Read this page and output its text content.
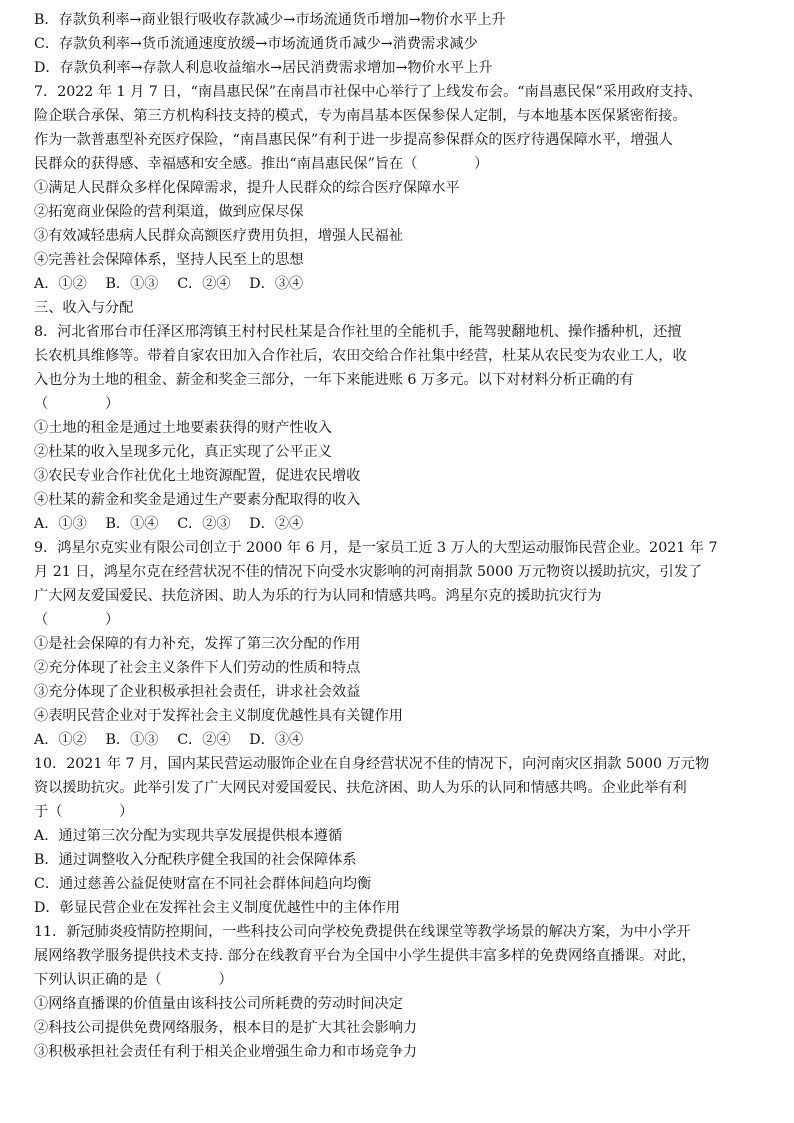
B．存款负利率→商业银行吸收存款减少→市场流通货币增加→物价水平上升
C．存款负利率→货币流通速度放缓→市场流通货币减少→消费需求减少
D．存款负利率→存款人利息收益缩水→居民消费需求增加→物价水平上升
7．2022 年 1 月 7 日，“南昌惠民保”在南昌市社保中心举行了上线发布会。“南昌惠民保”采用政府支持、
险企联合承保、第三方机构科技支持的模式，专为南昌基本医保参保人定制，与本地基本医保紧密衔接。
作为一款普惠型补充医疗保险，“南昌惠民保”有利于进一步提高参保群众的医疗待遇保障水平，增强人
民群众的获得感、幸福感和安全感。推出“南昌惠民保”旨在（　　　　）
①满足人民群众多样化保障需求，提升人民群众的综合医疗保障水平
②拓宽商业保险的营利渠道，做到应保尽保
③有效减轻患病人民群众高额医疗费用负担，增强人民福祉
④完善社会保障体系，坚持人民至上的思想
A．①②　 B．①③　 C．②④　 D．③④
三、收入与分配
8．河北省邢台市任泽区邢湾镇王村村民杜某是合作社里的全能机手，能驾驶翻地机、操作播种机，还擅
长农机具维修等。带着自家农田加入合作社后，农田交给合作社集中经营，杜某从农民变为农业工人，收
入也分为土地的租金、薪金和奖金三部分，一年下来能进账 6 万多元。以下对材料分析正确的有
（　　　　）
①土地的租金是通过土地要素获得的财产性收入
②杜某的收入呈现多元化，真正实现了公平正义
③农民专业合作社优化土地资源配置，促进农民增收
④杜某的薪金和奖金是通过生产要素分配取得的收入
A．①③　 B．①④　 C．②③　 D．②④
9．鸿星尔克实业有限公司创立于 2000 年 6 月，是一家员工近 3 万人的大型运动服饰民营企业。2021 年 7
月 21 日，鸿星尔克在经营状况不佳的情况下向受水灾影响的河南捐款 5000 万元物资以援助抗灾，引发了
广大网友爱国爱民、扶危济困、助人为乐的行为认同和情感共鸣。鸿星尔克的援助抗灾行为
（　　　　）
①是社会保障的有力补充，发挥了第三次分配的作用
②充分体现了社会主义条件下人们劳动的性质和特点
③充分体现了企业积极承担社会责任，讲求社会效益
④表明民营企业对于发挥社会主义制度优越性具有关键作用
A．①②　 B．①③　 C．②④　 D．③④
10．2021 年 7 月，国内某民营运动服饰企业在自身经营状况不佳的情况下，向河南灾区捐款 5000 万元物
资以援助抗灾。此举引发了广大网民对爱国爱民、扶危济困、助人为乐的认同和情感共鸣。企业此举有利
于（　　　　）
A．通过第三次分配为实现共享发展提供根本遵循
B．通过调整收入分配秩序健全我国的社会保障体系
C．通过慈善公益促使财富在不同社会群体间趋向均衡
D．彰显民营企业在发挥社会主义制度优越性中的主体作用
11．新冠肺炎疫情防控期间，一些科技公司向学校免费提供在线课堂等教学场景的解决方案，为中小学开
展网络教学服务提供技术支持. 部分在线教育平台为全国中小学生提供丰富多样的免费网络直播课。对此，
下列认识正确的是（　　　　）
①网络直播课的价值量由该科技公司所耗费的劳动时间决定
②科技公司提供免费网络服务，根本目的是扩大其社会影响力
③积极承担社会责任有利于相关企业增强生命力和市场竞争力
